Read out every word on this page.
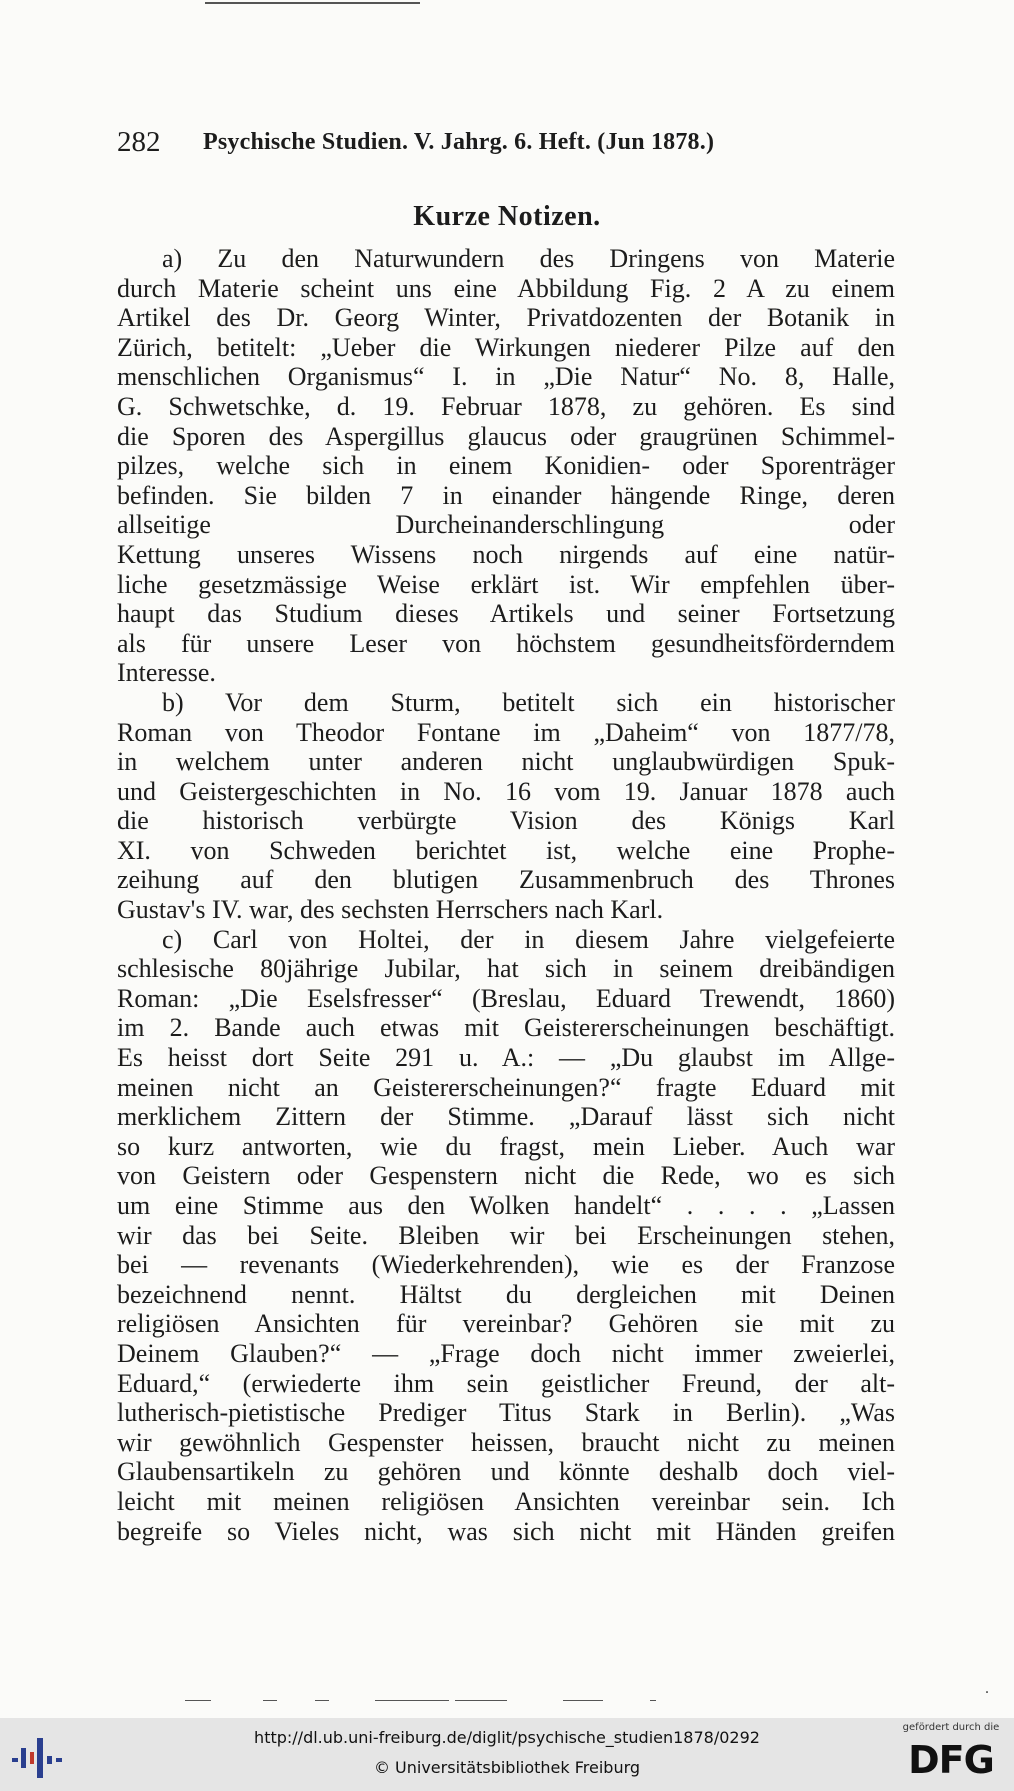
282 Psychische Studien. V. Jahrg. 6. Heft. (Jun 1878.)
Kurze Notizen.
a) Zu den Naturwundern des Dringens von Materie
durch Materie scheint uns eine Abbildung Fig. 2 A zu einem
Artikel des Dr. Georg Winter, Privatdozenten der Botanik in
Zürich, betitelt: „Ueber die Wirkungen niederer Pilze auf den
menschlichen Organismus“ I. in „Die Natur“ No. 8, Halle,
G. Schwetschke, d. 19. Februar 1878, zu gehören. Es sind
die Sporen des Aspergillus glaucus oder graugrünen Schimmel-
pilzes, welche sich in einem Konidien- oder Sporenträger
befinden. Sie bilden 7 in einander hängende Ringe, deren
allseitige Durcheinanderschlingung oder
Kettung unseres Wissens noch nirgends auf eine natür-
liche gesetzmässige Weise erklärt ist. Wir empfehlen über-
haupt das Studium dieses Artikels und seiner Fortsetzung
als für unsere Leser von höchstem gesundheitsförderndem
Interesse.
b) Vor dem Sturm, betitelt sich ein historischer
Roman von Theodor Fontane im „Daheim“ von 1877/78,
in welchem unter anderen nicht unglaubwürdigen Spuk-
und Geistergeschichten in No. 16 vom 19. Januar 1878 auch
die historisch verbürgte Vision des Königs Karl
XI. von Schweden berichtet ist, welche eine Prophe-
zeihung auf den blutigen Zusammenbruch des Thrones
Gustav's IV. war, des sechsten Herrschers nach Karl.
c) Carl von Holtei, der in diesem Jahre vielgefeierte
schlesische 80jährige Jubilar, hat sich in seinem dreibändigen
Roman: „Die Eselsfresser“ (Breslau, Eduard Trewendt, 1860)
im 2. Bande auch etwas mit Geistererscheinungen beschäftigt.
Es heisst dort Seite 291 u. A.: — „Du glaubst im Allge-
meinen nicht an Geistererscheinungen?“ fragte Eduard mit
merklichem Zittern der Stimme. „Darauf lässt sich nicht
so kurz antworten, wie du fragst, mein Lieber. Auch war
von Geistern oder Gespenstern nicht die Rede, wo es sich
um eine Stimme aus den Wolken handelt“ . . . . „Lassen
wir das bei Seite. Bleiben wir bei Erscheinungen stehen,
bei — revenants (Wiederkehrenden), wie es der Franzose
bezeichnend nennt. Hältst du dergleichen mit Deinen
religiösen Ansichten für vereinbar? Gehören sie mit zu
Deinem Glauben?“ — „Frage doch nicht immer zweierlei,
Eduard,“ (erwiederte ihm sein geistlicher Freund, der alt-
lutherisch-pietistische Prediger Titus Stark in Berlin). „Was
wir gewöhnlich Gespenster heissen, braucht nicht zu meinen
Glaubensartikeln zu gehören und könnte deshalb doch viel-
leicht mit meinen religiösen Ansichten vereinbar sein. Ich
begreife so Vieles nicht, was sich nicht mit Händen greifen
.
http://dl.ub.uni-freiburg.de/diglit/psychische_studien1878/0292
© Universitätsbibliothek Freiburg
gefördert durch die
DFG
